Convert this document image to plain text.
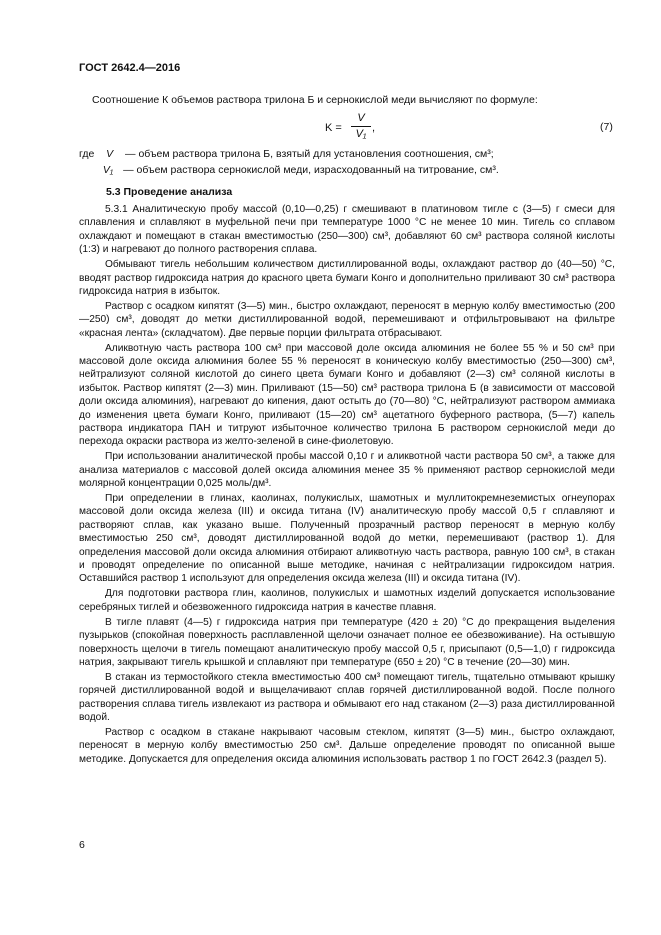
ГОСТ 2642.4—2016
Соотношение К объемов раствора трилона Б и сернокислой меди вычисляют по формуле:
K =
V
V₁ ,	(7)
где V — объем раствора трилона Б, взятый для установления соотношения, см³;
V₁ — объем раствора сернокислой меди, израсходованный на титрование, см³.
5.3 Проведение анализа

5.3.1 Аналитическую пробу массой (0,10—0,25) г смешивают в платиновом тигле с (3—5) г смеси для сплавления и сплавляют в муфельной печи при температуре 1000 °С не менее 10 мин. Тигель со сплавом охлаждают и помещают в стакан вместимостью (250—300) см³, добавляют 60 см³ раствора соляной кислоты (1:3) и нагревают до полного растворения сплава.

Обмывают тигель небольшим количеством дистиллированной воды, охлаждают раствор до (40—50) °С, вводят раствор гидроксида натрия до красного цвета бумаги Конго и дополнительно приливают 30 см³ раствора гидроксида натрия в избыток.

Раствор с осадком кипятят (3—5) мин., быстро охлаждают, переносят в мерную колбу вместимостью (200—250) см³, доводят до метки дистиллированной водой, перемешивают и отфильтровывают на фильтре «красная лента» (складчатом). Две первые порции фильтрата отбрасывают.

Аликвотную часть раствора 100 см³ при массовой доле оксида алюминия не более 55 % и 50 см³ при массовой доле оксида алюминия более 55 % переносят в коническую колбу вместимостью (250—300) см³, нейтрализуют соляной кислотой до синего цвета бумаги Конго и добавляют (2—3) см³ соляной кислоты в избыток. Раствор кипятят (2—3) мин. Приливают (15—50) см³ раствора трилона Б (в зависимости от массовой доли оксида алюминия), нагревают до кипения, дают остыть до (70—80) °С, нейтрализуют раствором аммиака до изменения цвета бумаги Конго, приливают (15—20) см³ ацетатного буферного раствора, (5—7) капель раствора индикатора ПАН и титруют избыточное количество трилона Б раствором сернокислой меди до перехода окраски раствора из желто-зеленой в сине-фиолетовую.

При использовании аналитической пробы массой 0,10 г и аликвотной части раствора 50 см³, а также для анализа материалов с массовой долей оксида алюминия менее 35 % применяют раствор сернокислой меди молярной концентрации 0,025 моль/дм³.

При определении в глинах, каолинах, полукислых, шамотных и муллитокремнеземистых огнеупорах массовой доли оксида железа (III) и оксида титана (IV) аналитическую пробу массой 0,5 г сплавляют и растворяют сплав, как указано выше. Полученный прозрачный раствор переносят в мерную колбу вместимостью 250 см³, доводят дистиллированной водой до метки, перемешивают (раствор 1). Для определения массовой доли оксида алюминия отбирают аликвотную часть раствора, равную 100 см³, в стакан и проводят определение по описанной выше методике, начиная с нейтрализации гидроксидом натрия. Оставшийся раствор 1 используют для определения оксида железа (III) и оксида титана (IV).

Для подготовки раствора глин, каолинов, полукислых и шамотных изделий допускается использование серебряных тиглей и обезвоженного гидроксида натрия в качестве плавня.

В тигле плавят (4—5) г гидроксида натрия при температуре (420 ± 20) °С до прекращения выделения пузырьков (спокойная поверхность расплавленной щелочи означает полное ее обезвоживание). На остывшую поверхность щелочи в тигель помещают аналитическую пробу массой 0,5 г, присыпают (0,5—1,0) г гидроксида натрия, закрывают тигель крышкой и сплавляют при температуре (650 ± 20) °С в течение (20—30) мин.

В стакан из термостойкого стекла вместимостью 400 см³ помещают тигель, тщательно отмывают крышку горячей дистиллированной водой и выщелачивают сплав горячей дистиллированной водой. После полного растворения сплава тигель извлекают из раствора и обмывают его над стаканом (2—3) раза дистиллированной водой.

Раствор с осадком в стакане накрывают часовым стеклом, кипятят (3—5) мин., быстро охлаждают, переносят в мерную колбу вместимостью 250 см³. Дальше определение проводят по описанной выше методике. Допускается для определения оксида алюминия использовать раствор 1 по ГОСТ 2642.3 (раздел 5).

6
